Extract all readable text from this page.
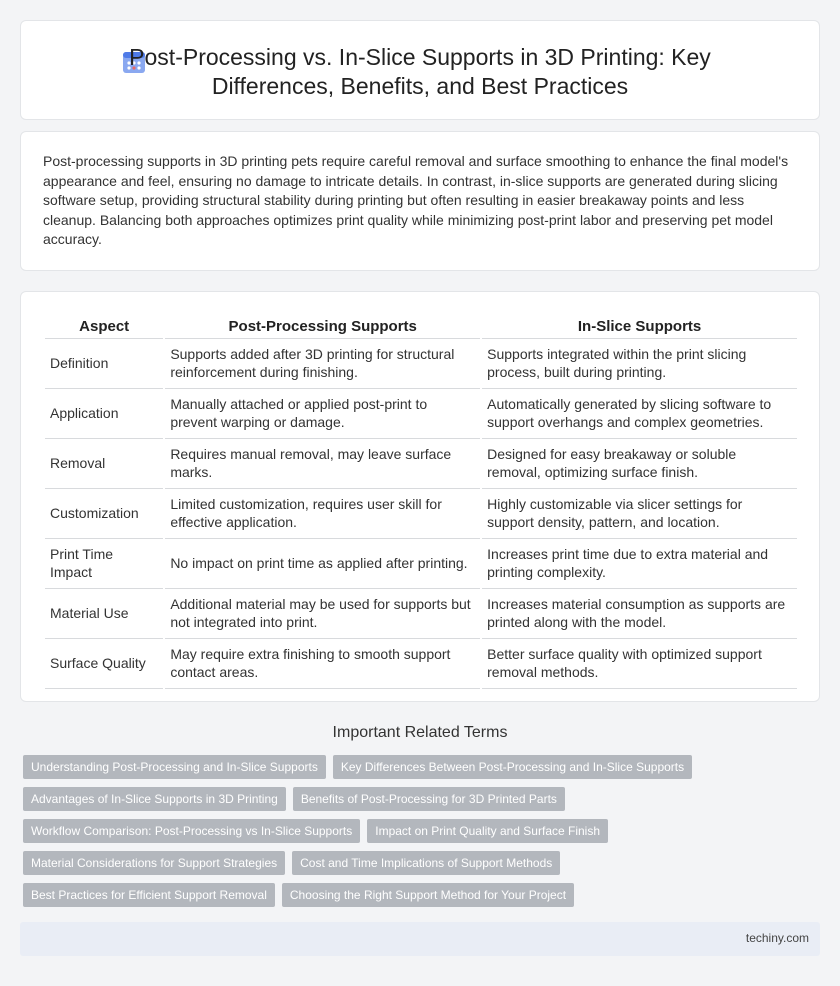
Post-Processing vs. In-Slice Supports in 3D Printing: Key Differences, Benefits, and Best Practices

Post-processing supports in 3D printing pets require careful removal and surface smoothing to enhance the final model's appearance and feel, ensuring no damage to intricate details. In contrast, in-slice supports are generated during slicing software setup, providing structural stability during printing but often resulting in easier breakaway points and less cleanup. Balancing both approaches optimizes print quality while minimizing post-print labor and preserving pet model accuracy.

Aspect	Post-Processing Supports	In-Slice Supports
Definition	Supports added after 3D printing for structural reinforcement during finishing.	Supports integrated within the print slicing process, built during printing.
Application	Manually attached or applied post-print to prevent warping or damage.	Automatically generated by slicing software to support overhangs and complex geometries.
Removal	Requires manual removal, may leave surface marks.	Designed for easy breakaway or soluble removal, optimizing surface finish.
Customization	Limited customization, requires user skill for effective application.	Highly customizable via slicer settings for support density, pattern, and location.
Print Time Impact	No impact on print time as applied after printing.	Increases print time due to extra material and printing complexity.
Material Use	Additional material may be used for supports but not integrated into print.	Increases material consumption as supports are printed along with the model.
Surface Quality	May require extra finishing to smooth support contact areas.	Better surface quality with optimized support removal methods.
Important Related Terms
Understanding Post-Processing and In-Slice Supports	Key Differences Between Post-Processing and In-Slice Supports
Advantages of In-Slice Supports in 3D Printing	Benefits of Post-Processing for 3D Printed Parts
Workflow Comparison: Post-Processing vs In-Slice Supports	Impact on Print Quality and Surface Finish
Material Considerations for Support Strategies	Cost and Time Implications of Support Methods
Best Practices for Efficient Support Removal	Choosing the Right Support Method for Your Project
techiny.com
